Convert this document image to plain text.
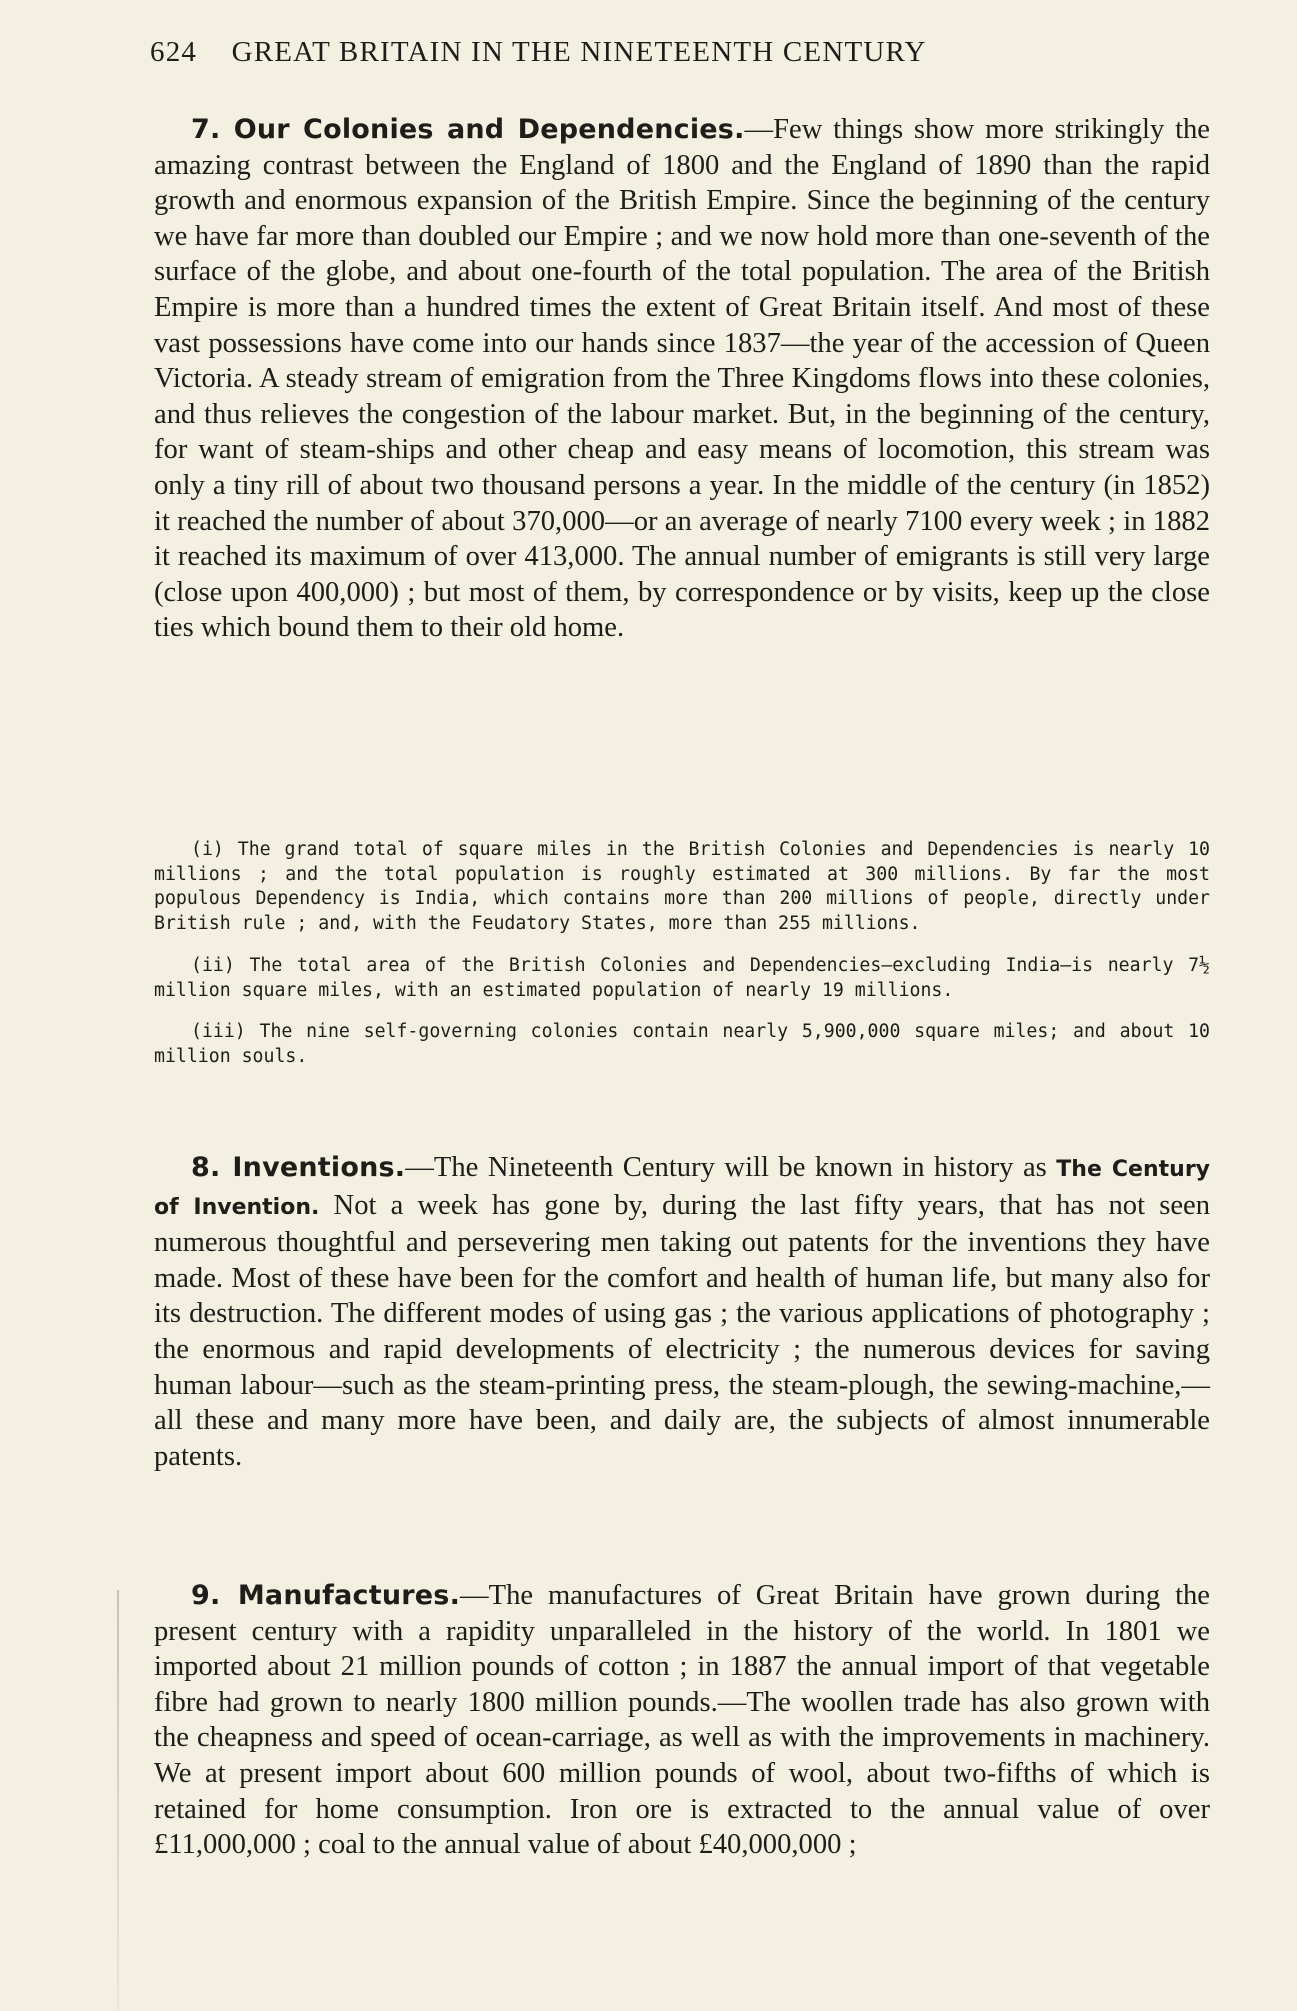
624 GREAT BRITAIN IN THE NINETEENTH CENTURY

7. Our Colonies and Dependencies.—Few things show more strikingly the amazing contrast between the England of 1800 and the England of 1890 than the rapid growth and enormous expansion of the British Empire. Since the beginning of the century we have far more than doubled our Empire ; and we now hold more than one-seventh of the surface of the globe, and about one-fourth of the total population. The area of the British Empire is more than a hundred times the extent of Great Britain itself. And most of these vast possessions have come into our hands since 1837—the year of the accession of Queen Victoria. A steady stream of emigration from the Three Kingdoms flows into these colonies, and thus relieves the congestion of the labour market. But, in the beginning of the century, for want of steam-ships and other cheap and easy means of locomotion, this stream was only a tiny rill of about two thousand persons a year. In the middle of the century (in 1852) it reached the number of about 370,000—or an average of nearly 7100 every week ; in 1882 it reached its maximum of over 413,000. The annual number of emigrants is still very large (close upon 400,000) ; but most of them, by correspondence or by visits, keep up the close ties which bound them to their old home.

(i) The grand total of square miles in the British Colonies and Dependencies is nearly 10 millions ; and the total population is roughly estimated at 300 millions. By far the most populous Dependency is India, which contains more than 200 millions of people, directly under British rule ; and, with the Feudatory States, more than 255 millions.

(ii) The total area of the British Colonies and Dependencies—excluding India—is nearly 7½ million square miles, with an estimated population of nearly 19 millions.

(iii) The nine self-governing colonies contain nearly 5,900,000 square miles; and about 10 million souls.

8. Inventions.—The Nineteenth Century will be known in history as The Century of Invention. Not a week has gone by, during the last fifty years, that has not seen numerous thoughtful and persevering men taking out patents for the inventions they have made. Most of these have been for the comfort and health of human life, but many also for its destruction. The different modes of using gas ; the various applications of photography ; the enormous and rapid developments of electricity ; the numerous devices for saving human labour—such as the steam-printing press, the steam-plough, the sewing-machine,—all these and many more have been, and daily are, the subjects of almost innumerable patents.

9. Manufactures.—The manufactures of Great Britain have grown during the present century with a rapidity unparalleled in the history of the world. In 1801 we imported about 21 million pounds of cotton ; in 1887 the annual import of that vegetable fibre had grown to nearly 1800 million pounds.—The woollen trade has also grown with the cheapness and speed of ocean-carriage, as well as with the improvements in machinery. We at present import about 600 million pounds of wool, about two-fifths of which is retained for home consumption. Iron ore is extracted to the annual value of over £11,000,000 ; coal to the annual value of about £40,000,000 ;
